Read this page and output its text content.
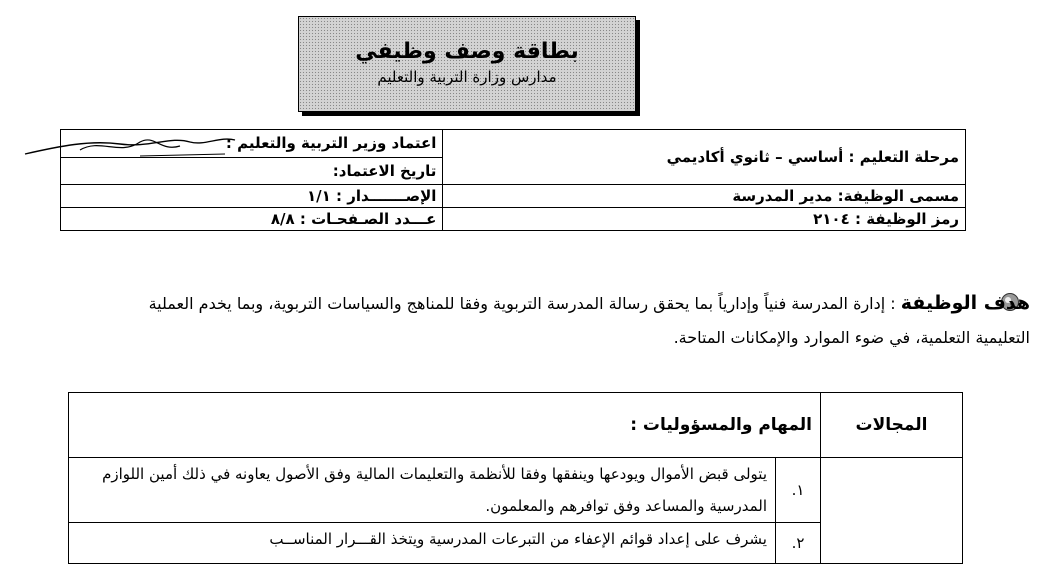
بطاقة وصف وظيفي
مدارس وزارة التربية والتعليم
مرحلة التعليم : أساسي – ثانوي أكاديمي	اعتماد وزير التربية والتعليم :
	تاريخ الاعتماد:
مسمى الوظيفة: مدير المدرسة	الإصـــــــدار : ١/١
رمز الوظيفة : ٢١٠٤	عـــدد الصـفحـات : ٨/٨
هدف الوظيفة : إدارة المدرسة فنياً وإدارياً بما يحقق رسالة المدرسة التربوية وفقا للمناهج والسياسات التربوية، وبما يخدم العملية التعليمية التعلمية، في ضوء الموارد والإمكانات المتاحة.
المجالات	المهام والمسؤوليات :	
	١.	يتولى قبض الأموال ويودعها وينفقها وفقا للأنظمة والتعليمات المالية وفق الأصول يعاونه في ذلك أمين اللوازم المدرسية والمساعد وفق توافرهم والمعلمون.
	٢.	يشرف على إعداد قوائم الإعفاء من التبرعات المدرسية ويتخذ القـــرار المناســب
